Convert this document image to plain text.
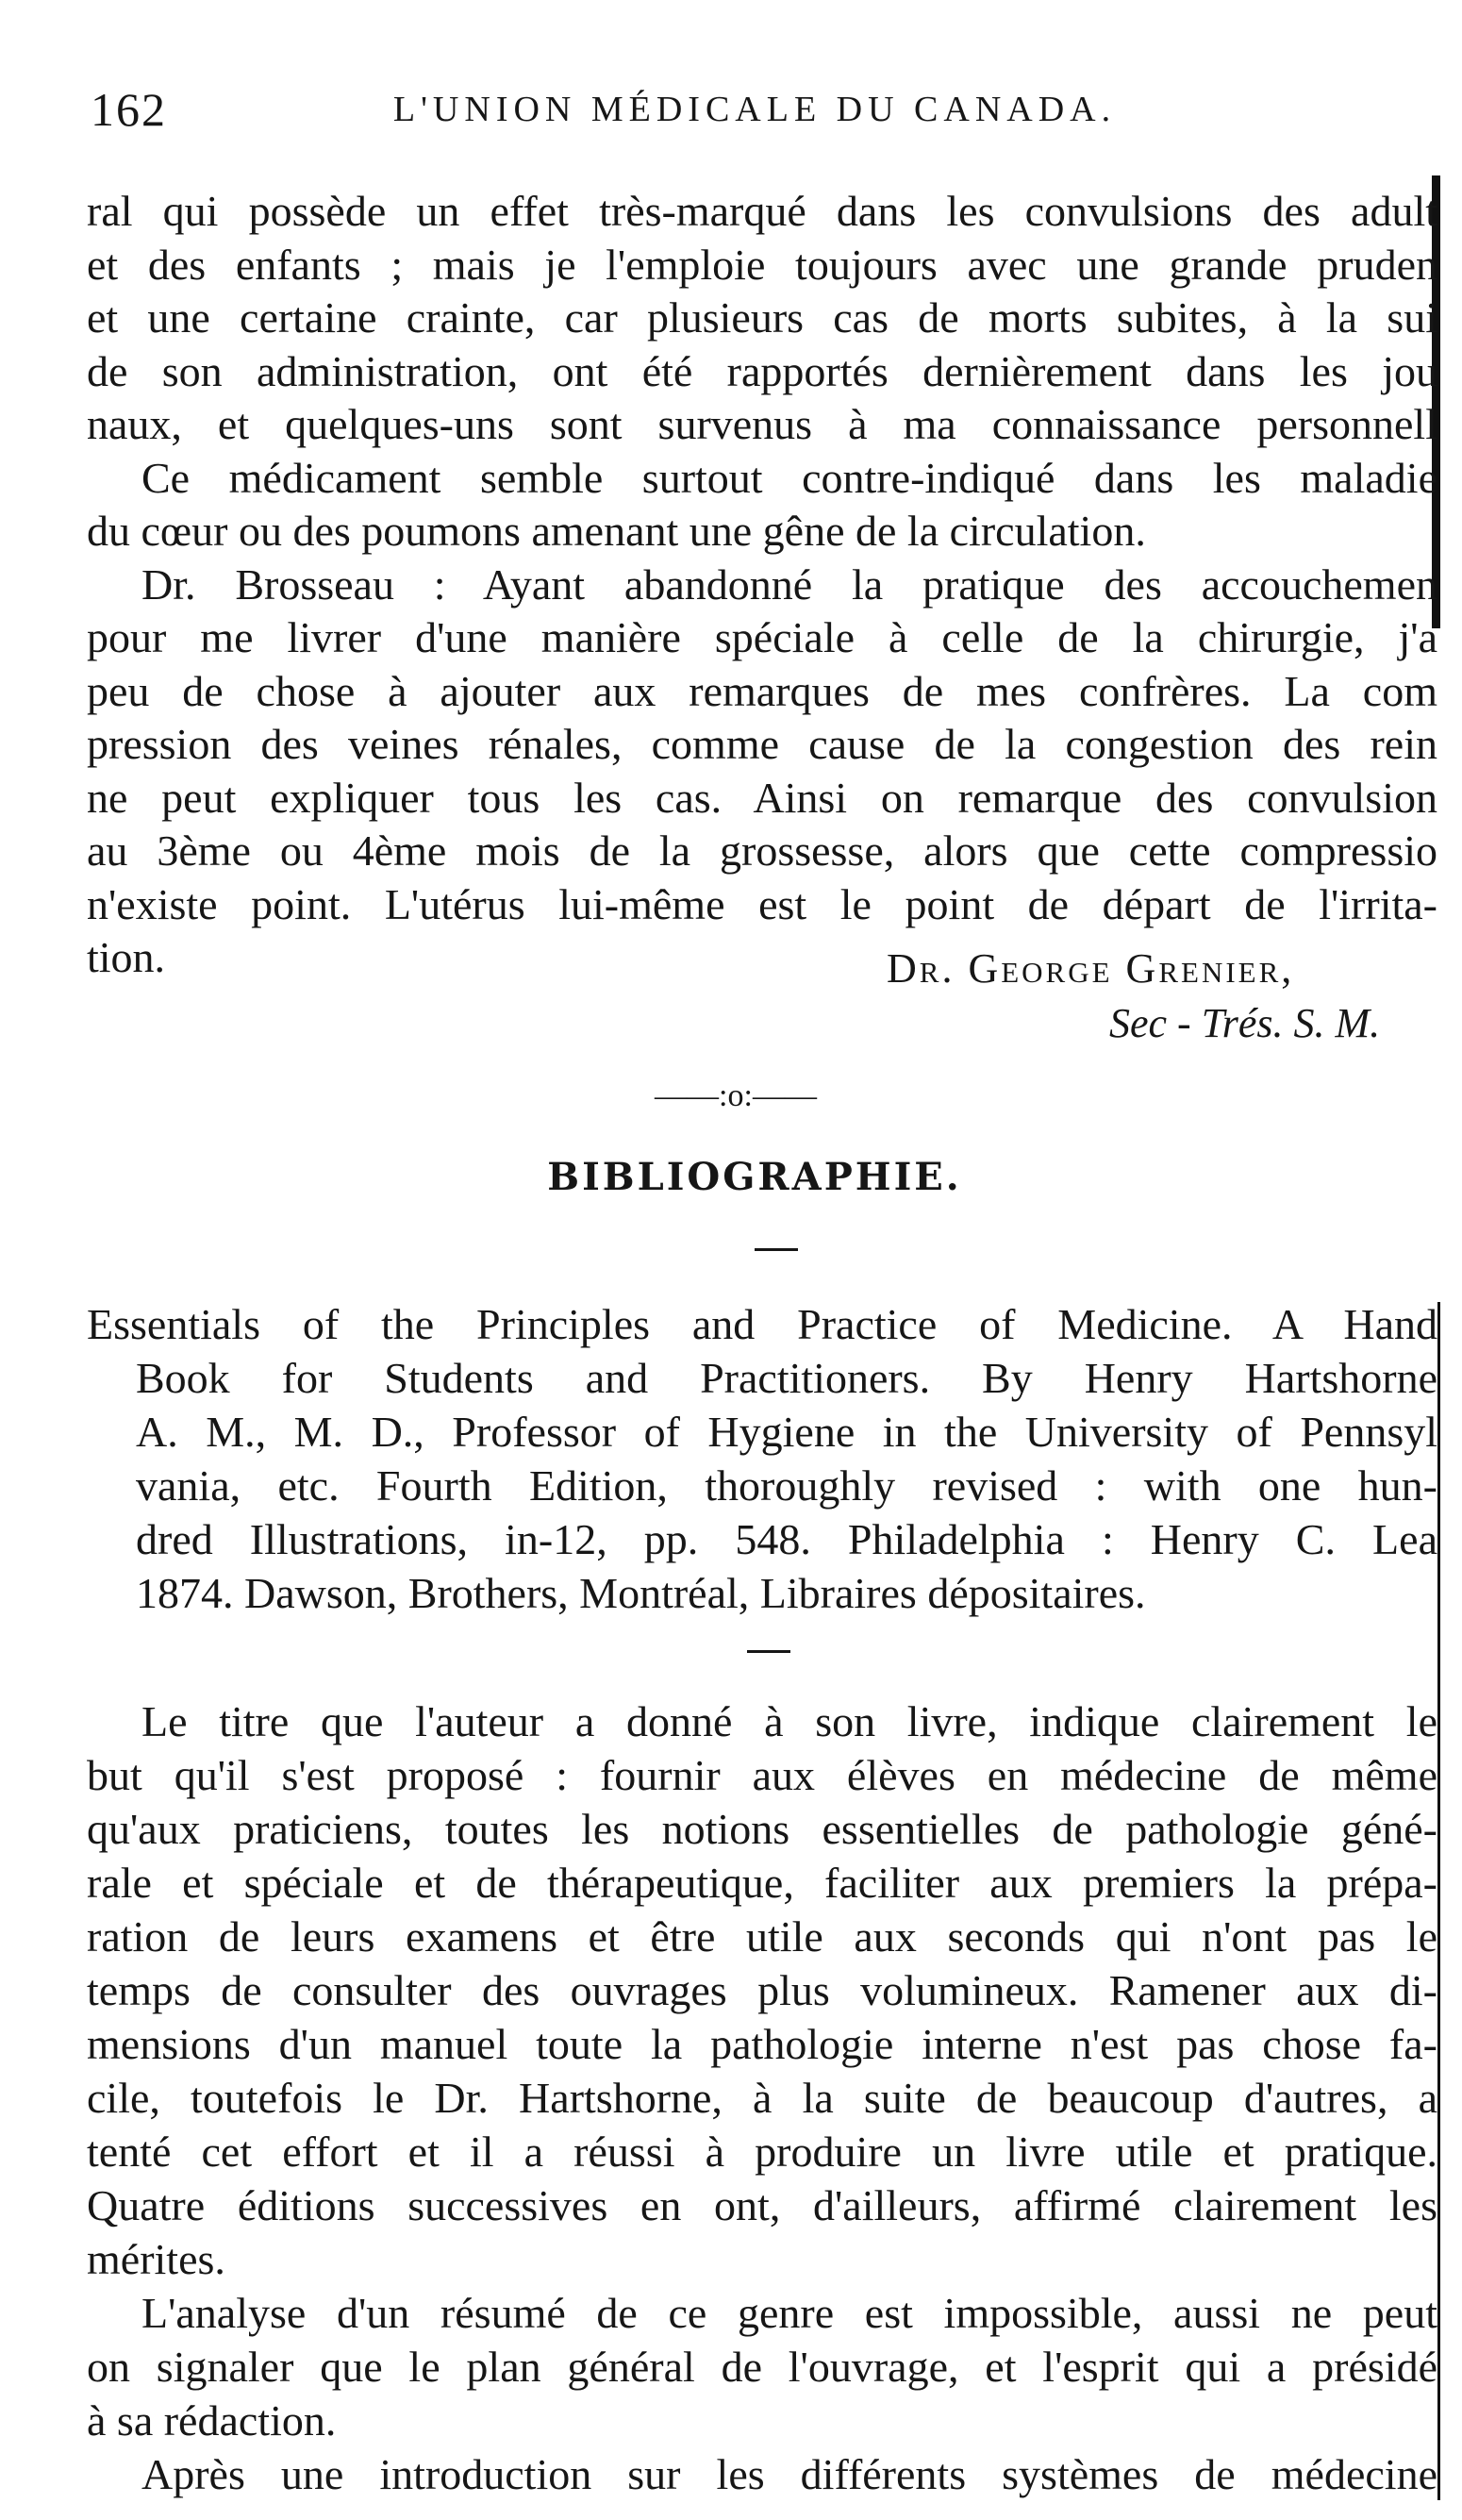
162	L'UNION MÉDICALE DU CANADA.
ral qui possède un effet très-marqué dans les convulsions des adult
et des enfants ; mais je l'emploie toujours avec une grande pruden
et une certaine crainte, car plusieurs cas de morts subites, à la sui
de son administration, ont été rapportés dernièrement dans les jou
naux, et quelques-uns sont survenus à ma connaissance personnell
Ce médicament semble surtout contre-indiqué dans les maladie
du cœur ou des poumons amenant une gêne de la circulation.
Dr. Brosseau : Ayant abandonné la pratique des accouchemen
pour me livrer d'une manière spéciale à celle de la chirurgie, j'a
peu de chose à ajouter aux remarques de mes confrères. La com
pression des veines rénales, comme cause de la congestion des rein
ne peut expliquer tous les cas. Ainsi on remarque des convulsion
au 3ème ou 4ème mois de la grossesse, alors que cette compressio
n'existe point. L'utérus lui-même est le point de départ de l'irrita-
tion.	Dr. George Grenier,
Sec - Trés. S. M.
——:o:——
BIBLIOGRAPHIE.
Essentials of the Principles and Practice of Medicine. A Hand
Book for Students and Practitioners. By Henry Hartshorne
A. M., M. D., Professor of Hygiene in the University of Pennsyl
vania, etc. Fourth Edition, thoroughly revised : with one hun-
dred Illustrations, in-12, pp. 548. Philadelphia : Henry C. Lea
1874. Dawson, Brothers, Montréal, Libraires dépositaires.
Le titre que l'auteur a donné à son livre, indique clairement le
but qu'il s'est proposé : fournir aux élèves en médecine de même
qu'aux praticiens, toutes les notions essentielles de pathologie géné-
rale et spéciale et de thérapeutique, faciliter aux premiers la prépa-
ration de leurs examens et être utile aux seconds qui n'ont pas le
temps de consulter des ouvrages plus volumineux. Ramener aux di-
mensions d'un manuel toute la pathologie interne n'est pas chose fa-
cile, toutefois le Dr. Hartshorne, à la suite de beaucoup d'autres, a
tenté cet effort et il a réussi à produire un livre utile et pratique.
Quatre éditions successives en ont, d'ailleurs, affirmé clairement les
mérites.
L'analyse d'un résumé de ce genre est impossible, aussi ne peut
on signaler que le plan général de l'ouvrage, et l'esprit qui a présidé
à sa rédaction.
Après une introduction sur les différents systèmes de médecine
